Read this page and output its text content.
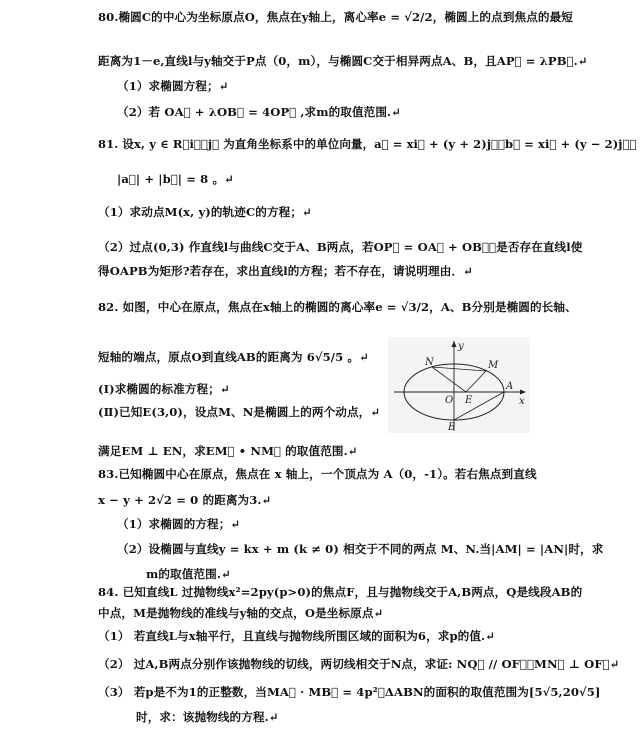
80.椭圆C的中心为坐标原点O，焦点在y轴上，离心率e = √2/2，椭圆上的点到焦点的最短
距离为1－e,直线l与y轴交于P点（0，m），与椭圆C交于相异两点A、B，且AP⃗ = λPB⃗.↵
（1）求椭圆方程；↵
（2）若 OA⃗ + λOB⃗ = 4OP⃗ ,求m的取值范围.↵
81. 设x, y ∈ R，i⃗，j⃗ 为直角坐标系中的单位向量，a⃗ = xi⃗ + (y + 2)j⃗，b⃗ = xi⃗ + (y − 2)j⃗，
|a⃗| + |b⃗| = 8 。↵
（1）求动点M(x, y)的轨迹C的方程；↵
（2）过点(0,3) 作直线l与曲线C交于A、B两点，若OP⃗ = OA⃗ + OB⃗，是否存在直线l使
得OAPB为矩形?若存在，求出直线l的方程；若不存在，请说明理由．↵
82. 如图，中心在原点，焦点在x轴上的椭圆的离心率e = √3/2，A、B分别是椭圆的长轴、
短轴的端点，原点O到直线AB的距离为 6√5/5 。↵
(Ⅰ)求椭圆的标准方程；↵
(Ⅱ)已知E(3,0)，设点M、N是椭圆上的两个动点，↵
满足EM ⊥ EN，求EM⃗ • NM⃗ 的取值范围.↵
83.已知椭圆中心在原点，焦点在 x 轴上，一个顶点为 A（0，-1）。若右焦点到直线
x − y + 2√2 = 0 的距离为3.↵
（1）求椭圆的方程；↵
（2）设椭圆与直线y = kx + m (k ≠ 0) 相交于不同的两点 M、N.当|AM| = |AN|时，求
m的取值范围.↵
84. 已知直线L 过抛物线x²=2py(p>0)的焦点F，且与抛物线交于A,B两点，Q是线段AB的
中点，M是抛物线的准线与y轴的交点，O是坐标原点↵
（1） 若直线L与x轴平行，且直线与抛物线所围区域的面积为6，求p的值.↵
（2） 过A,B两点分别作该抛物线的切线，两切线相交于N点，求证: NQ⃗ // OF⃗，MN⃗ ⊥ OF⃗↵
（3） 若p是不为1的正整数，当MA⃗ · MB⃗ = 4p²，ΔABN的面积的取值范围为[5√5,20√5]
时，求：该抛物线的方程.↵
y
x
N	M
A
B
O E
